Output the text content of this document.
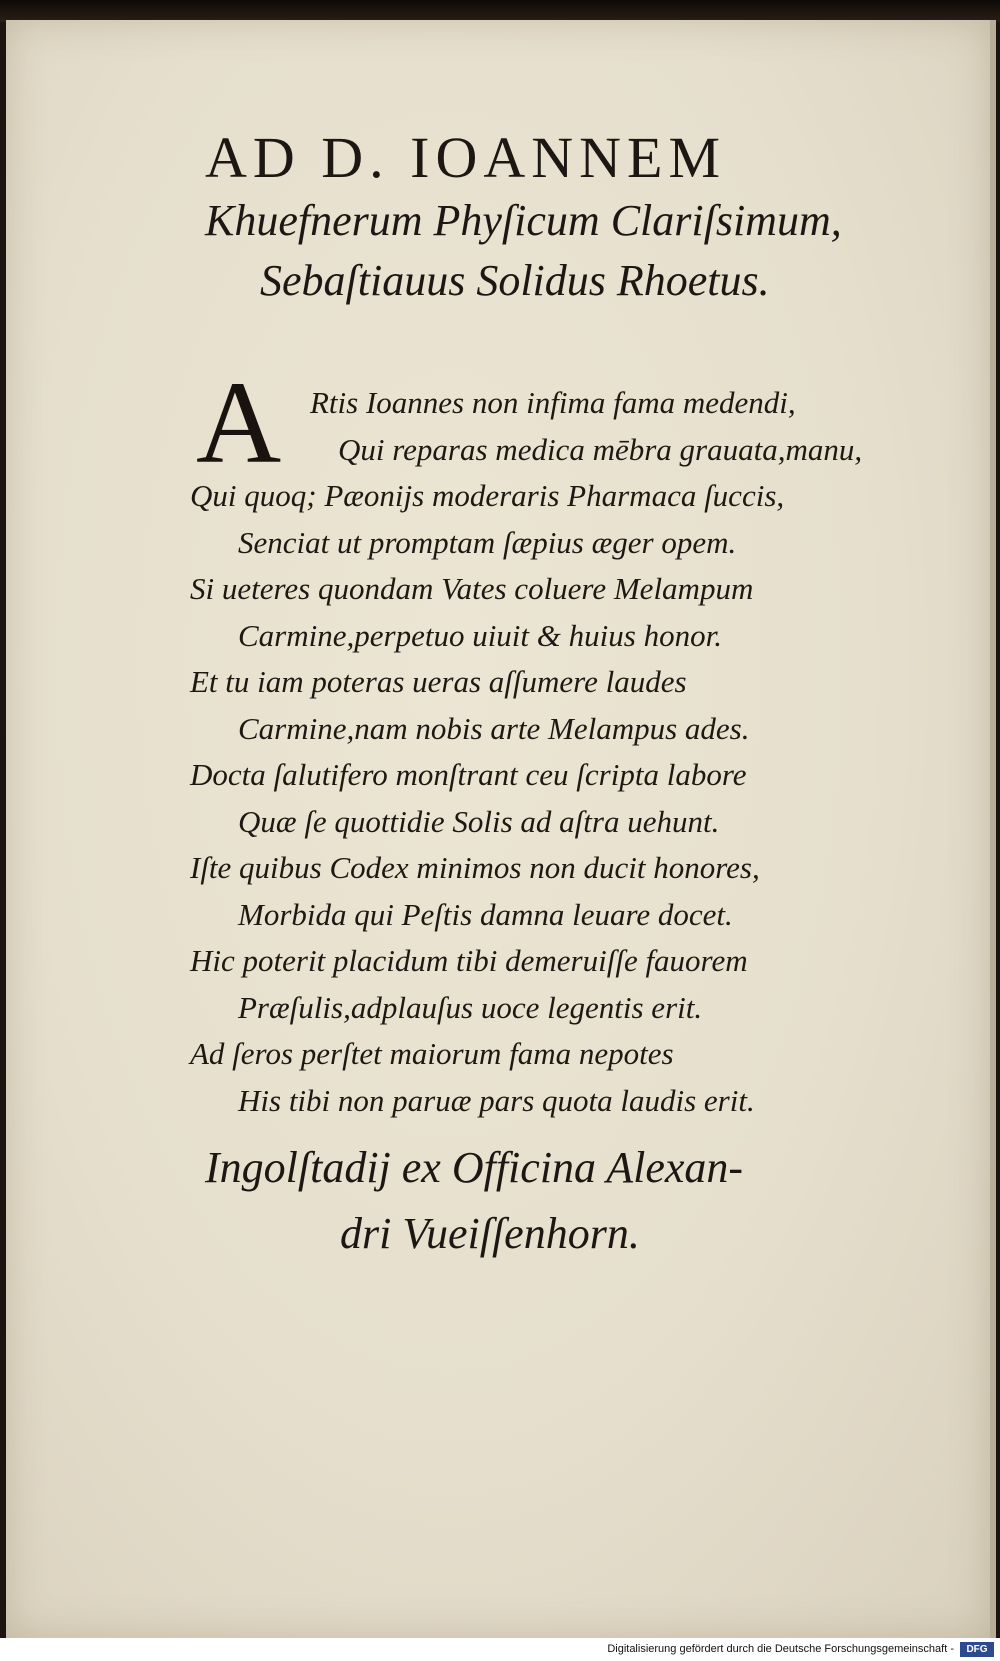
AD D. IOANNEM
Khuefnerum Phyſicum Clariſsimum,
Sebaſtiauus Solidus Rhoetus.
A Rtis Ioannes non infima fama medendi,
Qui reparas medica mēbra grauata,manu,
Qui quoq; Pæonijs moderaris Pharmaca ſuccis,
Senciat ut promptam ſæpius æger opem.
Si ueteres quondam Vates coluere Melampum
Carmine,perpetuo uiuit & huius honor.
Et tu iam poteras ueras aſſumere laudes
Carmine,nam nobis arte Melampus ades.
Docta ſalutifero monſtrant ceu ſcripta labore
Quæ ſe quottidie Solis ad aſtra uehunt.
Iſte quibus Codex minimos non ducit honores,
Morbida qui Peſtis damna leuare docet.
Hic poterit placidum tibi demeruiſſe fauorem
Præſulis,adplauſus uoce legentis erit.
Ad ſeros perſtet maiorum fama nepotes
His tibi non paruæ pars quota laudis erit.
Ingolſtadij ex Officina Alexan-
dri Vueiſſenhorn.
Digitalisierung gefördert durch die Deutsche Forschungsgemeinschaft -	DFG
